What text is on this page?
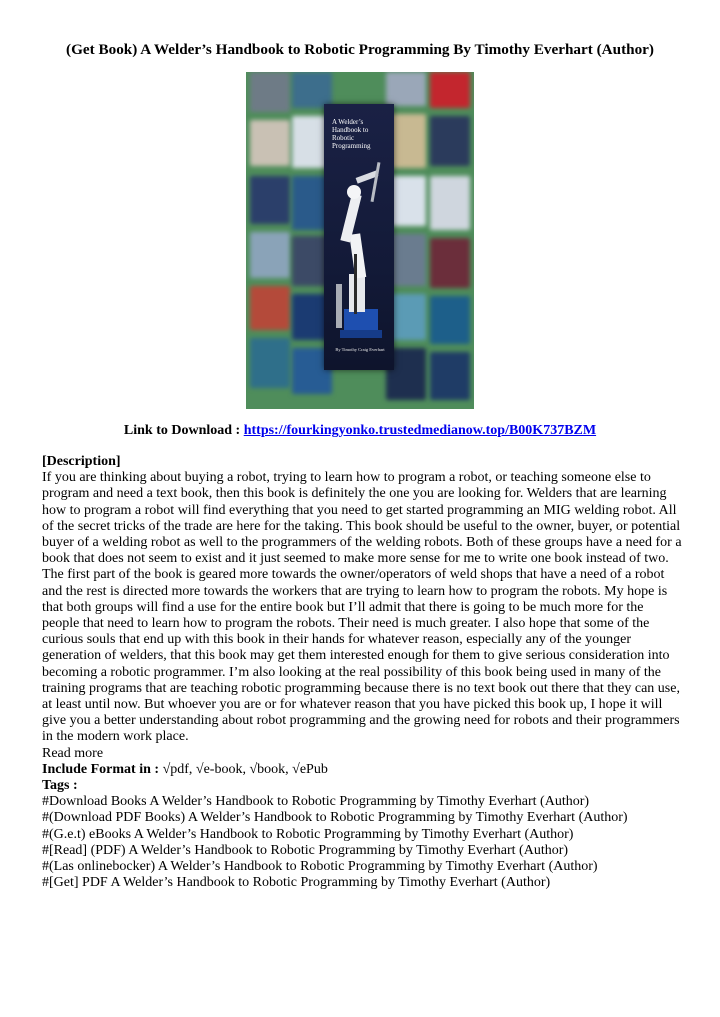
(Get Book) A Welder’s Handbook to Robotic Programming By Timothy Everhart (Author)
A Welder’s Handbook to Robotic Programming
By Timothy Craig Everhart
Link to Download : https://fourkingyonko.trustedmedianow.top/B00K737BZM

[Description]

If you are thinking about buying a robot, trying to learn how to program a robot, or teaching someone else to program and need a text book, then this book is definitely the one you are looking for. Welders that are learning how to program a robot will find everything that you need to get started programming an MIG welding robot. All of the secret tricks of the trade are here for the taking. This book should be useful to the owner, buyer, or potential buyer of a welding robot as well to the programmers of the welding robots. Both of these groups have a need for a book that does not seem to exist and it just seemed to make more sense for me to write one book instead of two. The first part of the book is geared more towards the owner/operators of weld shops that have a need of a robot and the rest is directed more towards the workers that are trying to learn how to program the robots. My hope is that both groups will find a use for the entire book but I’ll admit that there is going to be much more for the people that need to learn how to program the robots. Their need is much greater. I also hope that some of the curious souls that end up with this book in their hands for whatever reason, especially any of the younger generation of welders, that this book may get them interested enough for them to give serious consideration into becoming a robotic programmer. I’m also looking at the real possibility of this book being used in many of the training programs that are teaching robotic programming because there is no text book out there that they can use, at least until now. But whoever you are or for whatever reason that you have picked this book up, I hope it will give you a better understanding about robot programming and the growing need for robots and their programmers in the modern work place.

Read more

Include Format in : √pdf, √e-book, √book, √ePub

Tags :

#Download Books A Welder’s Handbook to Robotic Programming by Timothy Everhart (Author)

#(Download PDF Books) A Welder’s Handbook to Robotic Programming by Timothy Everhart (Author)

#(G.e.t) eBooks A Welder’s Handbook to Robotic Programming by Timothy Everhart (Author)

#[Read] (PDF) A Welder’s Handbook to Robotic Programming by Timothy Everhart (Author)

#(Las onlinebocker) A Welder’s Handbook to Robotic Programming by Timothy Everhart (Author)

#[Get] PDF A Welder’s Handbook to Robotic Programming by Timothy Everhart (Author)
